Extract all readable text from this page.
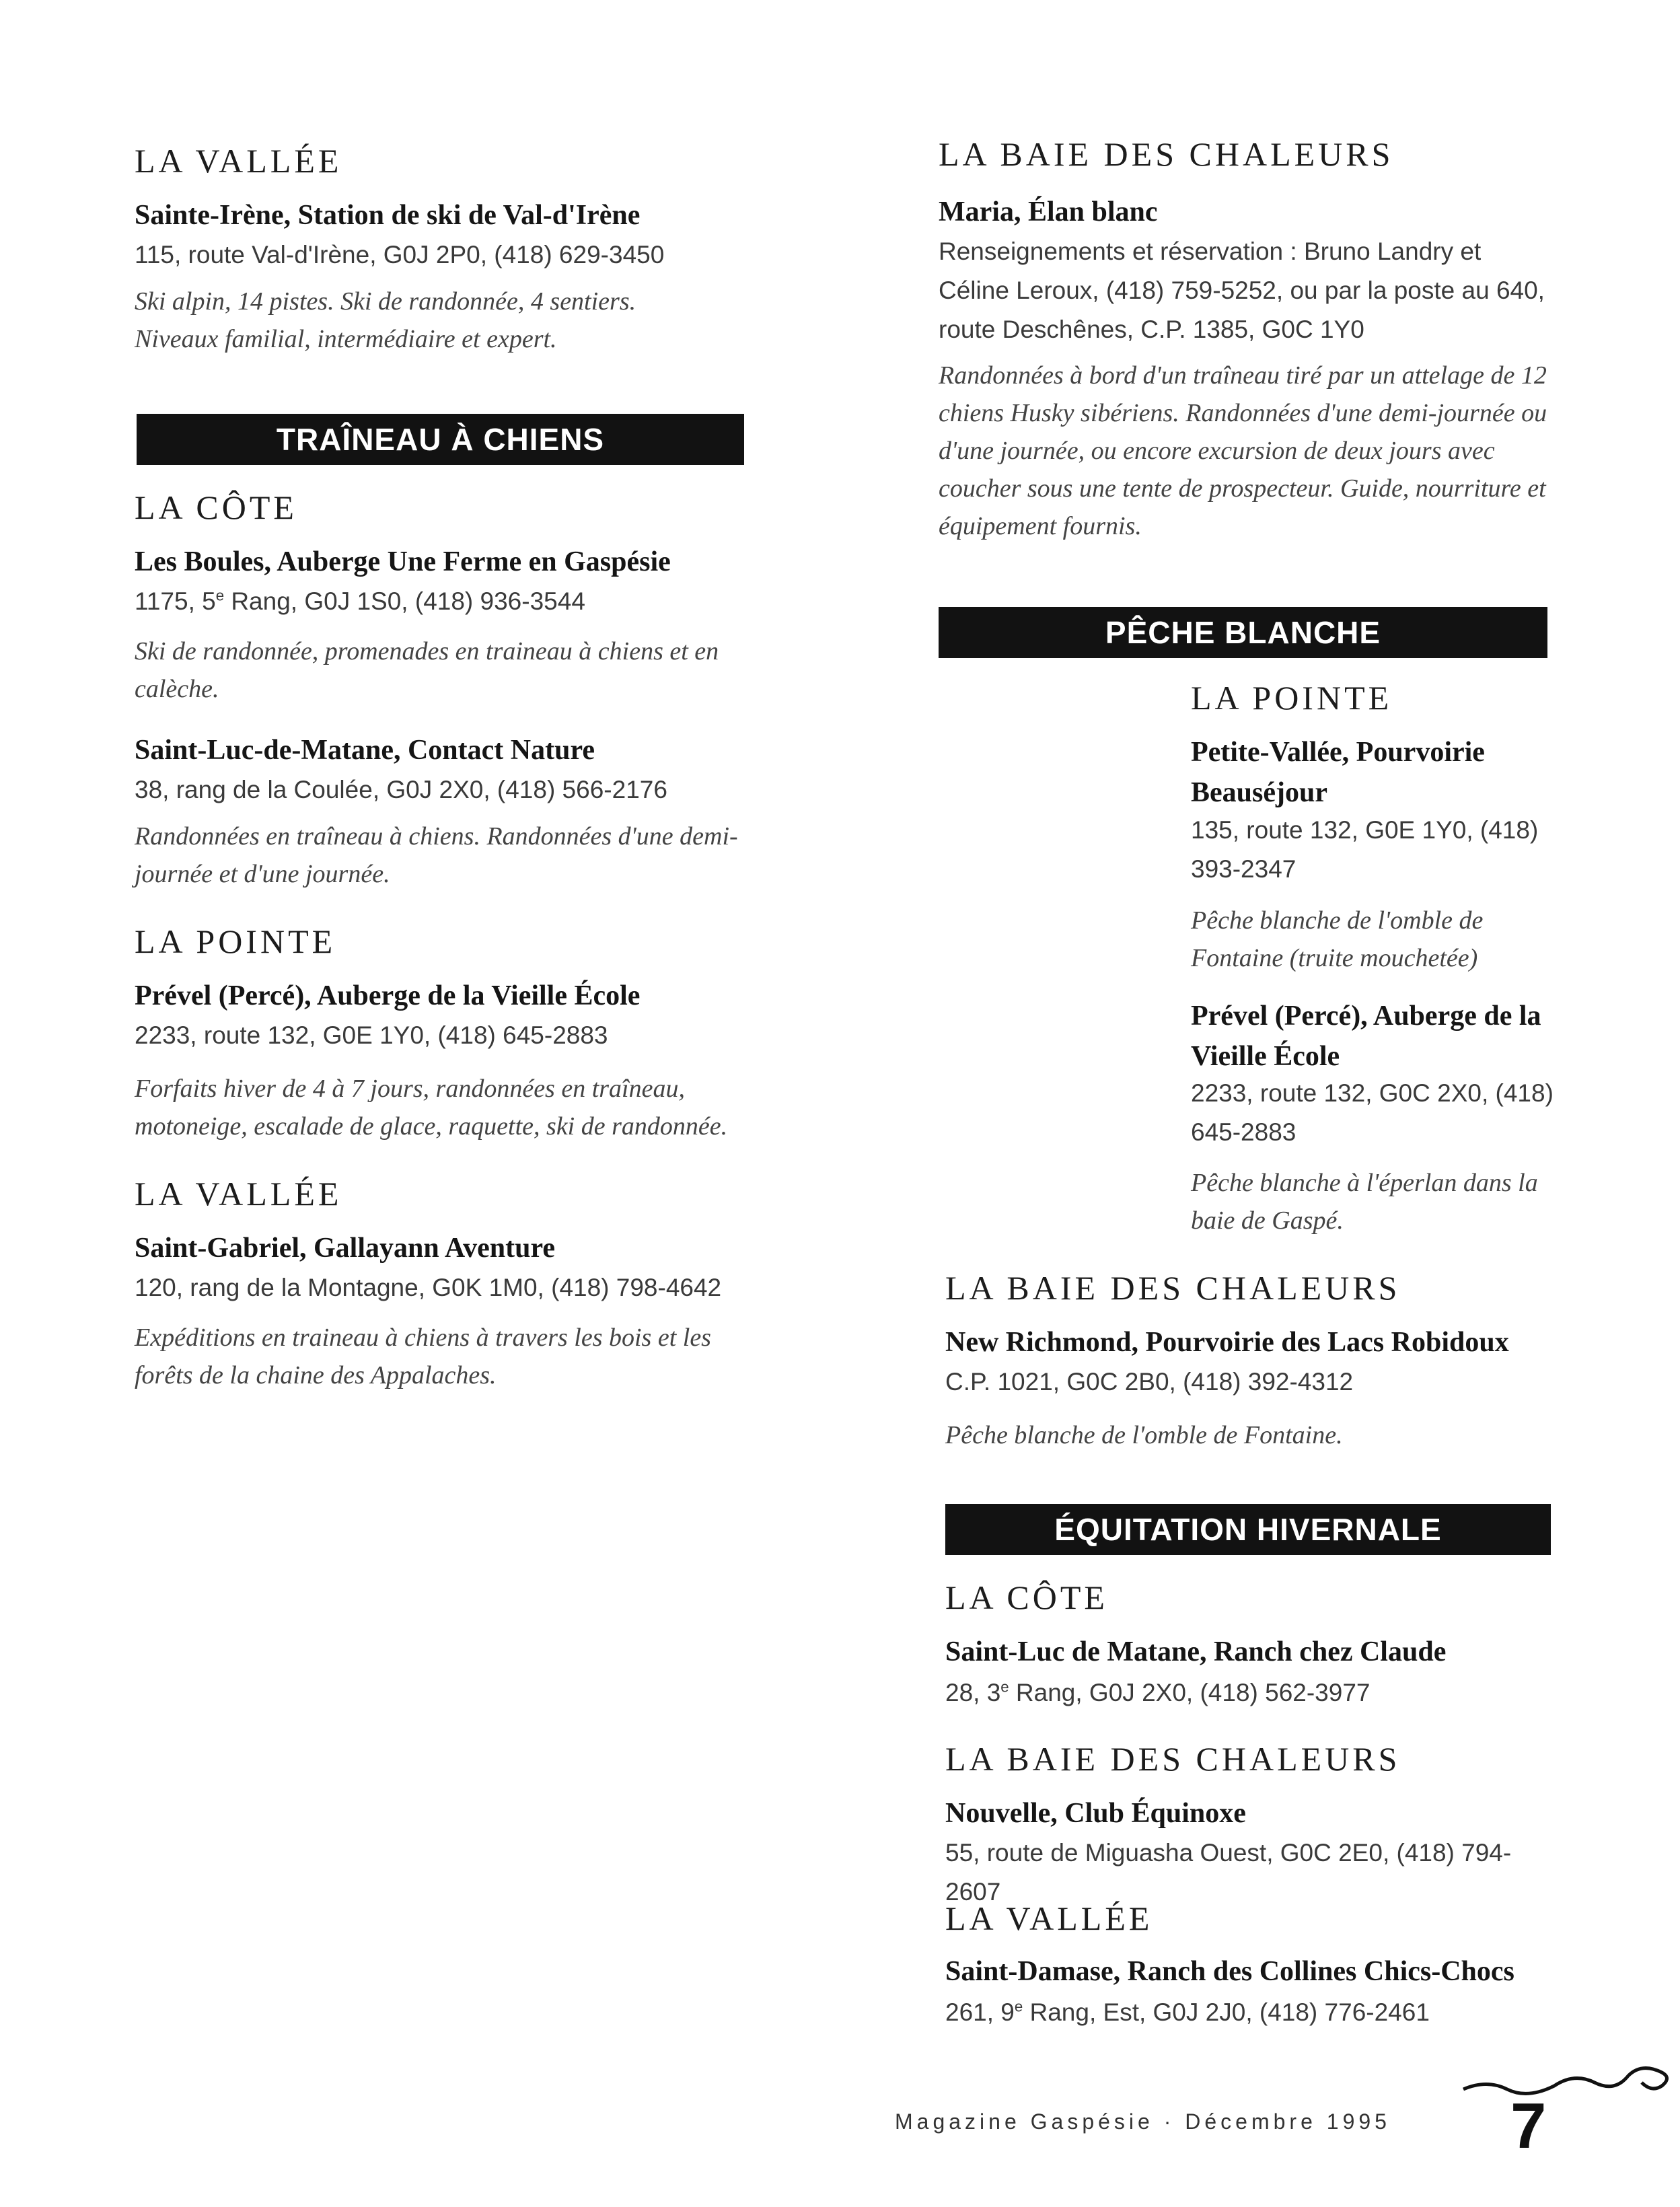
LA VALLÉE
Sainte-Irène, Station de ski de Val-d'Irène
115, route Val-d'Irène, G0J 2P0, (418) 629-3450
Ski alpin, 14 pistes. Ski de randonnée, 4 sentiers.
Niveaux familial, intermédiaire et expert.
TRAÎNEAU À CHIENS
LA CÔTE
Les Boules, Auberge Une Ferme en Gaspésie
1175, 5e Rang, G0J 1S0, (418) 936-3544
Ski de randonnée, promenades en traineau à chiens et en calèche.
Saint-Luc-de-Matane, Contact Nature
38, rang de la Coulée, G0J 2X0, (418) 566-2176
Randonnées en traîneau à chiens. Randonnées d'une demi-journée et d'une journée.
LA POINTE
Prével (Percé), Auberge de la Vieille École
2233, route 132, G0E 1Y0, (418) 645-2883
Forfaits hiver de 4 à 7 jours, randonnées en traîneau, motoneige, escalade de glace, raquette, ski de randonnée.
LA VALLÉE
Saint-Gabriel, Gallayann Aventure
120, rang de la Montagne, G0K 1M0, (418) 798-4642
Expéditions en traineau à chiens à travers les bois et les forêts de la chaine des Appalaches.
LA BAIE DES CHALEURS
Maria, Élan blanc
Renseignements et réservation : Bruno Landry et Céline Leroux, (418) 759-5252, ou par la poste au 640, route Deschênes, C.P. 1385, G0C 1Y0
Randonnées à bord d'un traîneau tiré par un attelage de 12 chiens Husky sibériens. Randonnées d'une demi-journée ou d'une journée, ou encore excursion de deux jours avec coucher sous une tente de prospecteur. Guide, nourriture et équipement fournis.
PÊCHE BLANCHE
LA POINTE
Petite-Vallée, Pourvoirie Beauséjour
135, route 132, G0E 1Y0, (418) 393-2347
Pêche blanche de l'omble de Fontaine (truite mouchetée)
Prével (Percé), Auberge de la Vieille École
2233, route 132, G0C 2X0, (418) 645-2883
Pêche blanche à l'éperlan dans la baie de Gaspé.
LA BAIE DES CHALEURS
New Richmond, Pourvoirie des Lacs Robidoux
C.P. 1021, G0C 2B0, (418) 392-4312
Pêche blanche de l'omble de Fontaine.
ÉQUITATION HIVERNALE
LA CÔTE
Saint-Luc de Matane, Ranch chez Claude
28, 3e Rang, G0J 2X0, (418) 562-3977
LA BAIE DES CHALEURS
Nouvelle, Club Équinoxe
55, route de Miguasha Ouest, G0C 2E0, (418) 794-2607
LA VALLÉE
Saint-Damase, Ranch des Collines Chics-Chocs
261, 9e Rang, Est, G0J 2J0, (418) 776-2461
Magazine Gaspésie · Décembre 1995 7
